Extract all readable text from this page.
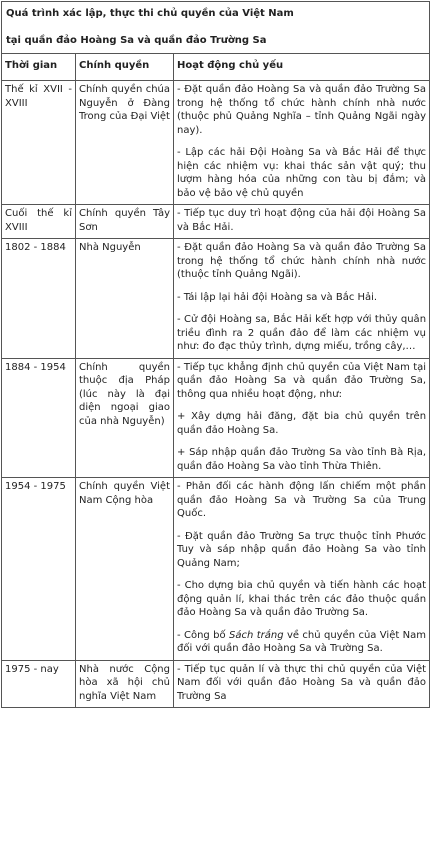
Quá trình xác lập, thực thi chủ quyền của Việt Nam
tại quần đảo Hoàng Sa và quần đảo Trường Sa		

Thời gian	Chính quyền	Hoạt động chủ yếu
Thế kỉ XVII - XVIII	Chính quyền chúa Nguyễn ở Đàng Trong của Đại Việt	- Đặt quần đảo Hoàng Sa và quần đảo Trường Sa trong hệ thống tổ chức hành chính nhà nước (thuộc phủ Quảng Nghĩa – tỉnh Quảng Ngãi ngày nay).
- Lập các hải Đội Hoàng Sa và Bắc Hải để thực hiện các nhiệm vụ: khai thác sản vật quý; thu lượm hàng hóa của những con tàu bị đắm; và bảo vệ bảo vệ chủ quyền

Cuối thế kỉ XVIII	Chính quyền Tây Sơn	- Tiếp tục duy trì hoạt động của hải đội Hoàng Sa và Bắc Hải.

1802 - 1884	Nhà Nguyễn	- Đặt quần đảo Hoàng Sa và quần đảo Trường Sa trong hệ thống tổ chức hành chính nhà nước (thuộc tỉnh Quảng Ngãi).
- Tái lập lại hải đội Hoàng sa và Bắc Hải.
- Cử đội Hoàng sa, Bắc Hải kết hợp với thủy quân triều đình ra 2 quần đảo để làm các nhiệm vụ như: đo đạc thủy trình, dựng miếu, trồng cây,…

1884 - 1954	Chính quyền thuộc địa Pháp (lúc này là đại diện ngoại giao của nhà Nguyễn)	- Tiếp tục khẳng định chủ quyền của Việt Nam tại quần đảo Hoàng Sa và quần đảo Trường Sa, thông qua nhiều hoạt động, như:
+ Xây dựng hải đăng, đặt bia chủ quyền trên quần đảo Hoàng Sa.
+ Sáp nhập quần đảo Trường Sa vào tỉnh Bà Rịa, quần đảo Hoàng Sa vào tỉnh Thừa Thiên.

1954 - 1975	Chính quyền Việt Nam Cộng hòa	- Phản đối các hành động lấn chiếm một phần quần đảo Hoàng Sa và Trường Sa của Trung Quốc.
- Đặt quần đảo Trường Sa trực thuộc tỉnh Phước Tuy và sáp nhập quần đảo Hoàng Sa vào tỉnh Quảng Nam;
- Cho dựng bia chủ quyền và tiến hành các hoạt động quản lí, khai thác trên các đảo thuộc quần đảo Hoàng Sa và quần đảo Trường Sa.
- Công bố Sách trắng về chủ quyền của Việt Nam đối với quần đảo Hoàng Sa và Trường Sa.

1975 - nay	Nhà nước Cộng hòa xã hội chủ nghĩa Việt Nam	- Tiếp tục quản lí và thực thi chủ quyền của Việt Nam đối với quần đảo Hoàng Sa và quần đảo Trường Sa
